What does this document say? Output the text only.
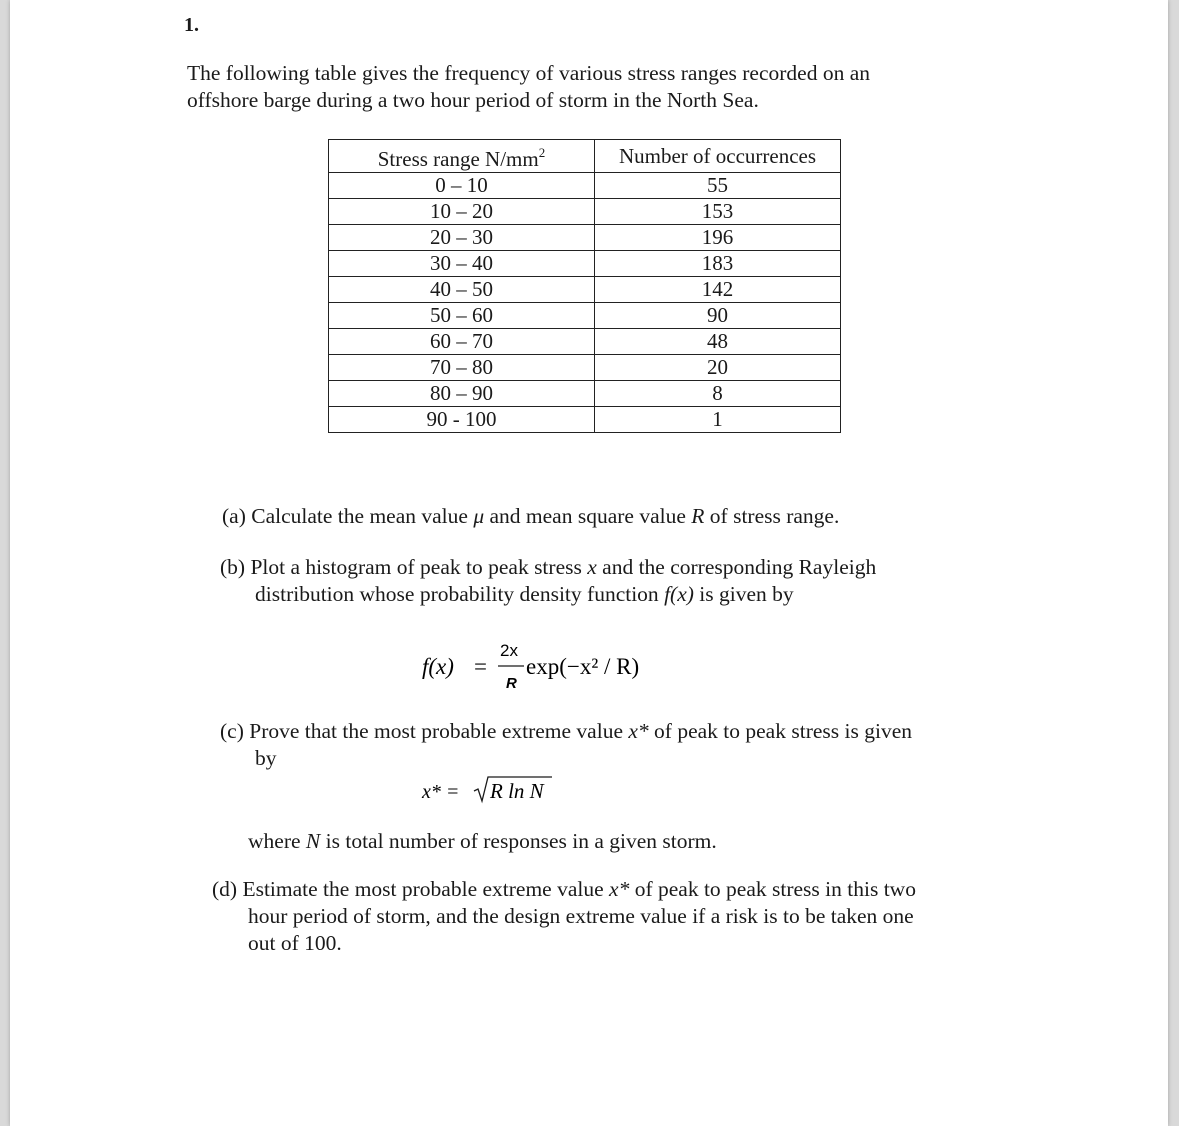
1.
The following table gives the frequency of various stress ranges recorded on an
offshore barge during a two hour period of storm in the North Sea.
Stress range $N/mm^2$	Number of occurrences
0 – 10	55
10 – 20	153
20 – 30	196
30 – 40	183
40 – 50	142
50 – 60	90
60 – 70	48
70 – 80	20
80 – 90	8
90 - 100	1
(a) Calculate the mean value μ and mean square value R of stress range.
(b) Plot a histogram of peak to peak stress x and the corresponding Rayleigh
distribution whose probability density function f(x) is given by
f(x) =
2x
R
exp(−x² / R)
(c) Prove that the most probable extreme value x* of peak to peak stress is given
by
x* = R ln N
where N is total number of responses in a given storm.
(d) Estimate the most probable extreme value x* of peak to peak stress in this two
hour period of storm, and the design extreme value if a risk is to be taken one
out of 100.
